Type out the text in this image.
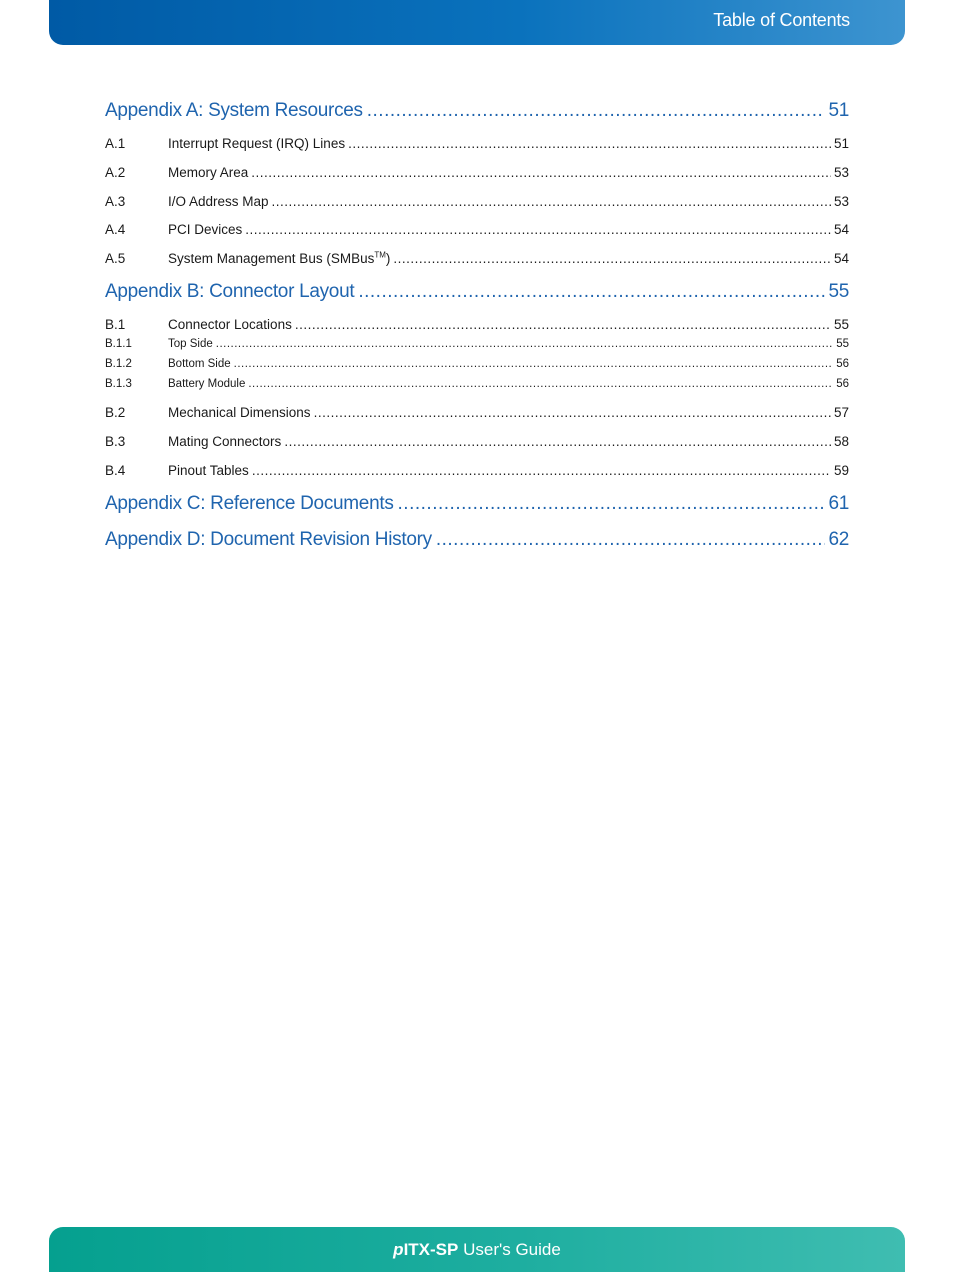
Table of Contents
Appendix A: System Resources .....	51
A.1	Interrupt Request (IRQ) Lines .....	51
A.2	Memory Area .....	53
A.3	I/O Address Map .....	53
A.4	PCI Devices .....	54
A.5	System Management Bus (SMBus™) .....	54
Appendix B: Connector Layout .....	55
B.1	Connector Locations .....	55
B.1.1	Top Side .....	55
B.1.2	Bottom Side .....	56
B.1.3	Battery Module .....	56
B.2	Mechanical Dimensions .....	57
B.3	Mating Connectors .....	58
B.4	Pinout Tables .....	59
Appendix C: Reference Documents .....	61
Appendix D: Document Revision History .....	62
pITX-SP User's Guide
